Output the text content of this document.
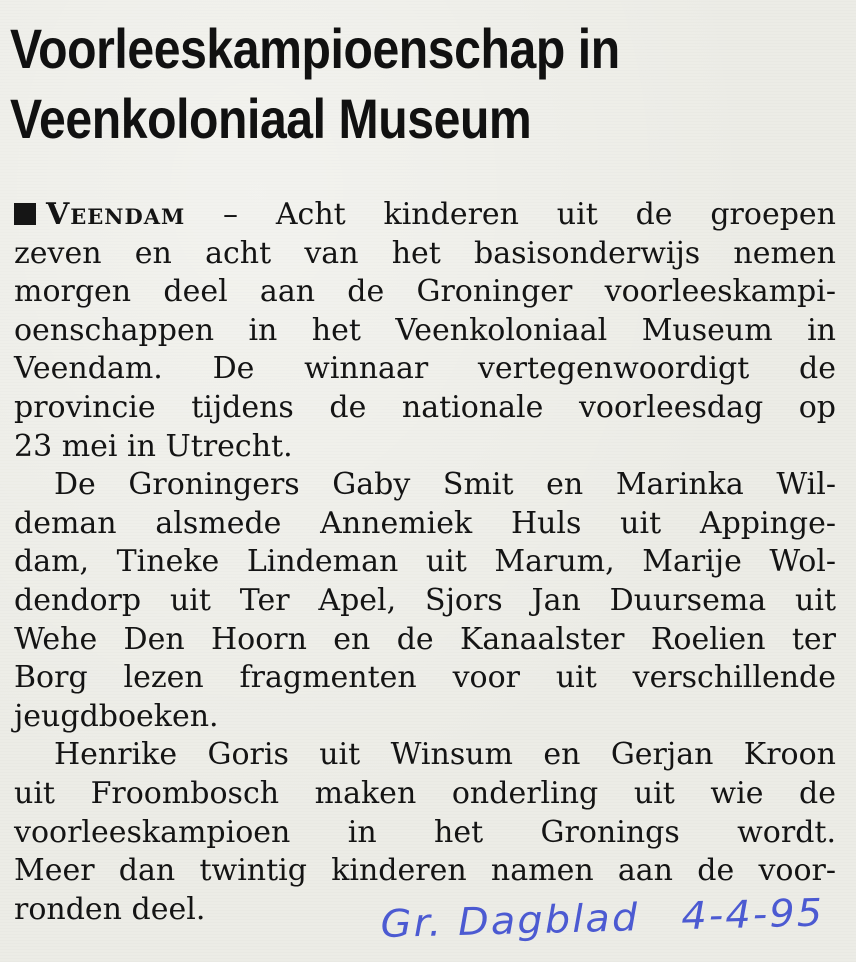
Voorleeskampioenschap in
Veenkoloniaal Museum
Veendam – Acht kinderen uit de groepen
zeven en acht van het basisonderwijs nemen
morgen deel aan de Groninger voorleeskampi-
oenschappen in het Veenkoloniaal Museum in
Veendam. De winnaar vertegenwoordigt de
provincie tijdens de nationale voorleesdag op
23 mei in Utrecht.
De Groningers Gaby Smit en Marinka Wil-
deman alsmede Annemiek Huls uit Appinge-
dam, Tineke Lindeman uit Marum, Marije Wol-
dendorp uit Ter Apel, Sjors Jan Duursema uit
Wehe Den Hoorn en de Kanaalster Roelien ter
Borg lezen fragmenten voor uit verschillende
jeugdboeken.
Henrike Goris uit Winsum en Gerjan Kroon
uit Froombosch maken onderling uit wie de
voorleeskampioen in het Gronings wordt.
Meer dan twintig kinderen namen aan de voor-
ronden deel.	Gr. Dagblad 4-4-95
